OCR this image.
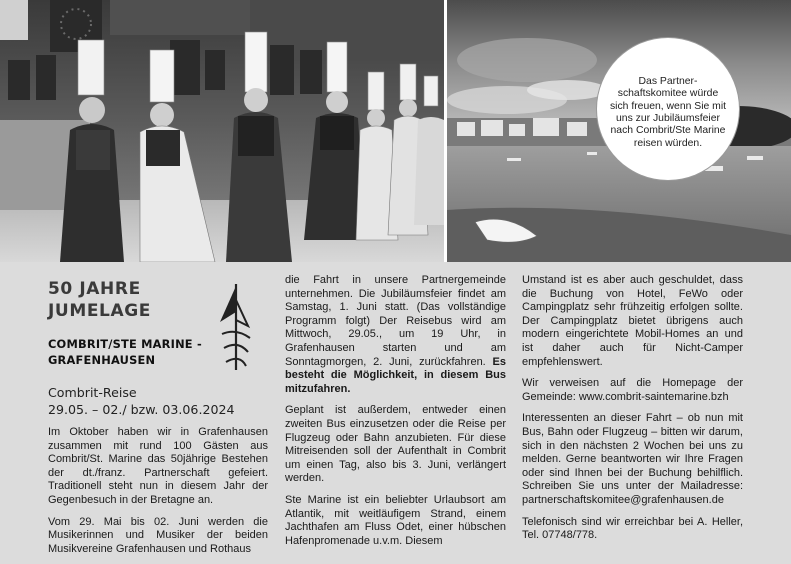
Das Partnerschaftskomitee würde sich freuen, wenn Sie mit uns zur Jubiläumsfeier nach Combrit/Ste Marine reisen würden.
50 JAHRE JUMELAGE
COMBRIT/STE MARINE - GRAFENHAUSEN
Combrit-Reise
29.05. – 02./ bzw. 03.06.2024

Im Oktober haben wir in Grafenhausen zusammen mit rund 100 Gästen aus Combrit/St. Marine das 50jährige Bestehen der dt./franz. Partnerschaft gefeiert. Traditionell steht nun in diesem Jahr der Gegenbesuch in der Bretagne an.

Vom 29. Mai bis 02. Juni werden die Musikerinnen und Musiker der beiden Musikvereine Grafenhausen und Rothaus

die Fahrt in unsere Partnergemeinde unternehmen. Die Jubiläumsfeier findet am Samstag, 1. Juni statt. (Das vollständige Programm folgt) Der Reisebus wird am Mittwoch, 29.05., um 19 Uhr, in Grafenhausen starten und am Sonntagmorgen, 2. Juni, zurückfahren. Es besteht die Möglichkeit, in diesem Bus mitzufahren.

Geplant ist außerdem, entweder einen zweiten Bus einzusetzen oder die Reise per Flugzeug oder Bahn anzubieten. Für diese Mitreisenden soll der Aufenthalt in Combrit um einen Tag, also bis 3. Juni, verlängert werden.

Ste Marine ist ein beliebter Urlaubsort am Atlantik, mit weitläufigem Strand, einem Jachthafen am Fluss Odet, einer hübschen Hafenpromenade u.v.m. Diesem

Umstand ist es aber auch geschuldet, dass die Buchung von Hotel, FeWo oder Campingplatz sehr frühzeitig erfolgen sollte. Der Campingplatz bietet übrigens auch modern eingerichtete Mobil-Homes an und ist daher auch für Nicht-Camper empfehlenswert.

Wir verweisen auf die Homepage der Gemeinde: www.combrit-saintemarine.bzh

Interessenten an dieser Fahrt – ob nun mit Bus, Bahn oder Flugzeug – bitten wir darum, sich in den nächsten 2 Wochen bei uns zu melden. Gerne beantworten wir Ihre Fragen oder sind Ihnen bei der Buchung behilflich. Schreiben Sie uns unter der Mailadresse: partnerschaftskomitee@grafenhausen.de

Telefonisch sind wir erreichbar bei A. Heller, Tel. 07748/778.
